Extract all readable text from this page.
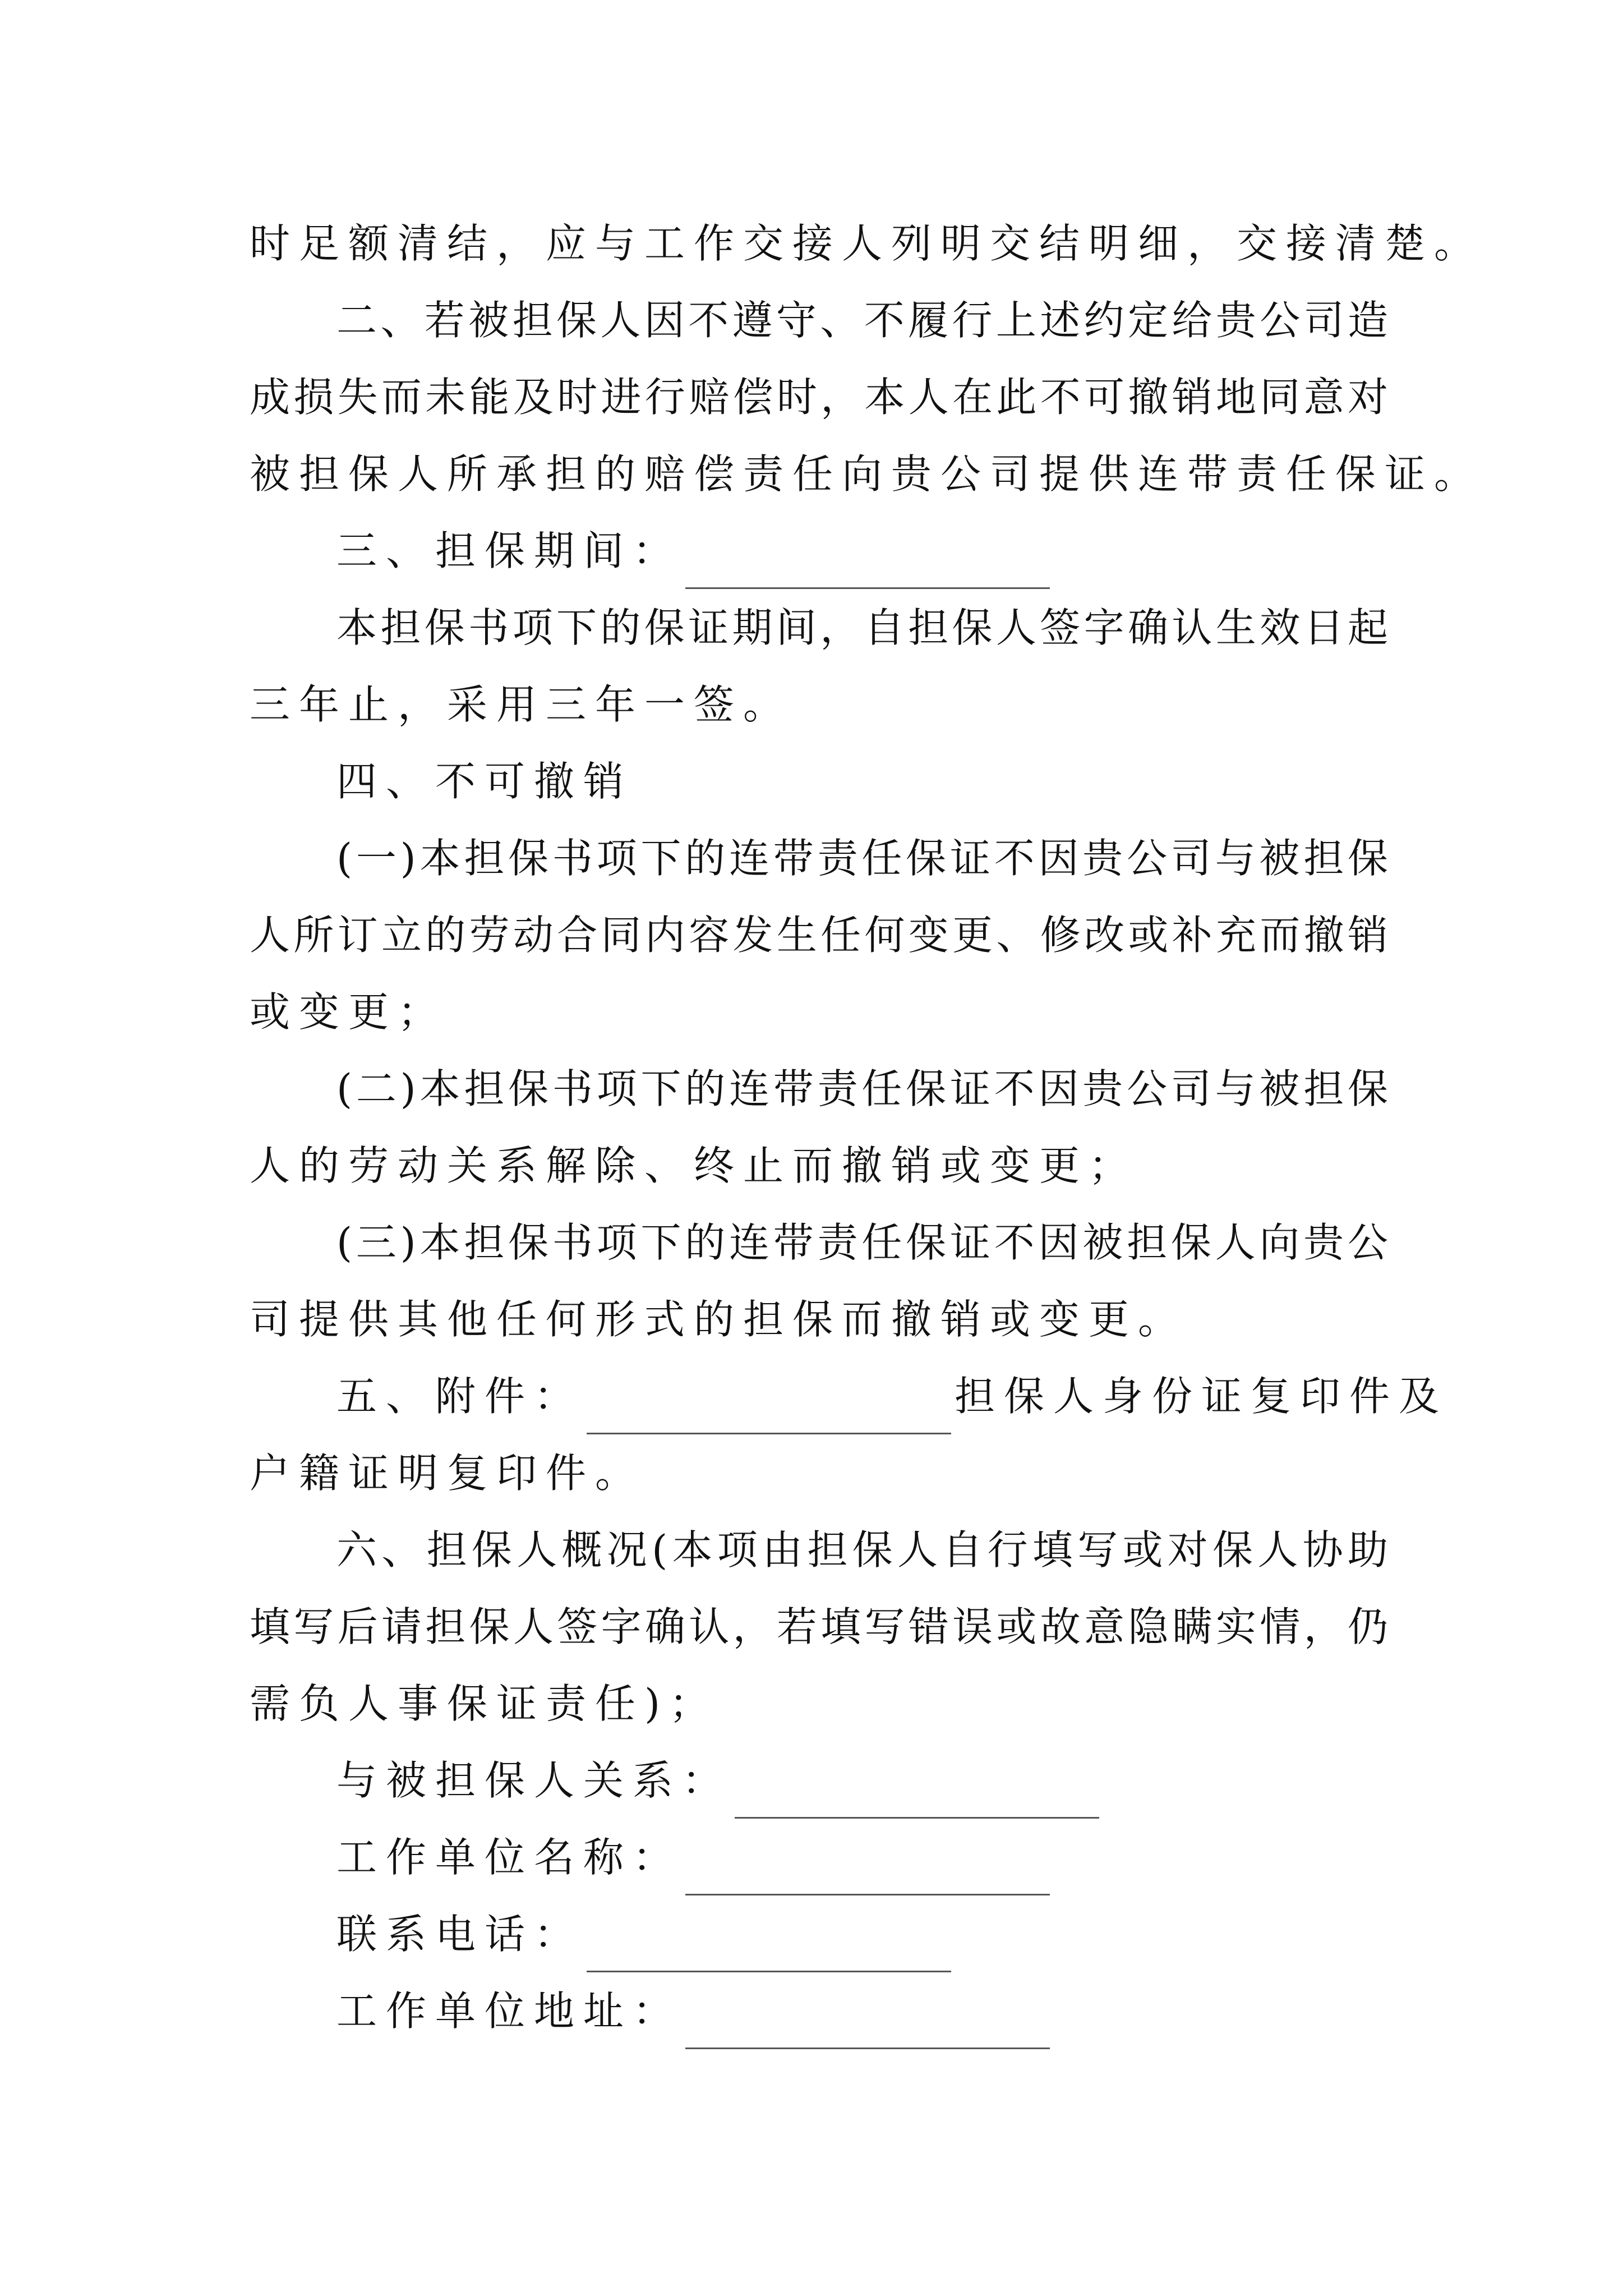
时足额清结，应与工作交接人列明交结明细，交接清楚。
二、若被担保人因不遵守、不履行上述约定给贵公司造
成损失而未能及时进行赔偿时，本人在此不可撤销地同意对
被担保人所承担的赔偿责任向贵公司提供连带责任保证。
三、担保期间：
本担保书项下的保证期间，自担保人签字确认生效日起
三年止，采用三年一签。
四、不可撤销
(一)本担保书项下的连带责任保证不因贵公司与被担保
人所订立的劳动合同内容发生任何变更、修改或补充而撤销
或变更；
(二)本担保书项下的连带责任保证不因贵公司与被担保
人的劳动关系解除、终止而撤销或变更；
(三)本担保书项下的连带责任保证不因被担保人向贵公
司提供其他任何形式的担保而撤销或变更。
五、附件：	担保人身份证复印件及
户籍证明复印件。
六、担保人概况(本项由担保人自行填写或对保人协助
填写后请担保人签字确认，若填写错误或故意隐瞒实情，仍
需负人事保证责任)；
与被担保人关系：
工作单位名称：
联系电话：
工作单位地址：
